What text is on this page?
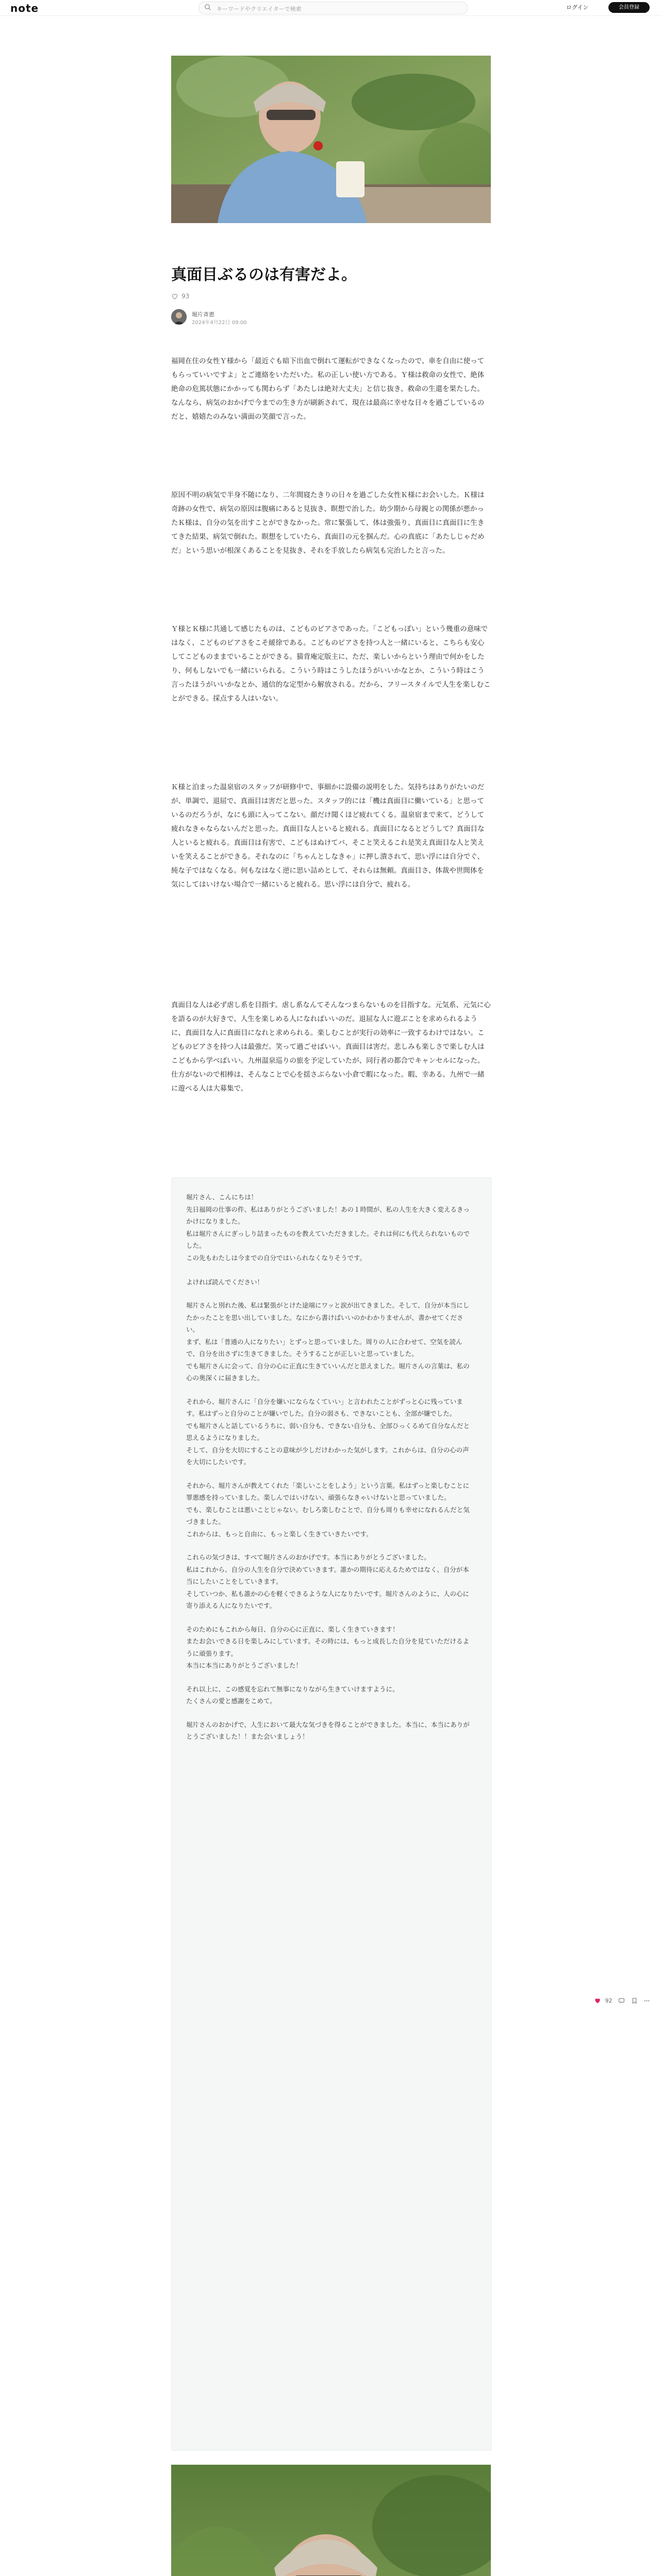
note	キーワードやクリエイターで検索	ログイン	会員登録
真面目ぶるのは有害だよ。
93
堀片斉恵
2024年4月22日 09:00

福岡在住の女性Ｙ様から「最近ぐも暗下出血で倒れて運転ができなくなったので、車を自由に使ってもらっていいですよ」とご連絡をいただいた。私の正しい使い方である。Ｙ様は救命の女性で、絶体絶命の危篤状態にかかっても関わらず「あたしは絶対大丈夫」と信じ抜き、救命の生還を果たした。なんなら、病気のおかげで今までの生き方が刷新されて、現在は最高に幸せな日々を過ごしているのだと、嬉嬉たのみない満面の笑顔で言った。

原因不明の病気で半身不随になり、二年間寝たきりの日々を過ごした女性Ｋ様にお会いした。Ｋ様は奇跡の女性で、病気の原因は腹痛にあると見抜き、瞑想で治した。幼少期から母親との関係が悪かったＫ様は、自分の気を出すことができなかった。常に緊張して、体は強張り、真面目に真面目に生きてきた結果、病気で倒れた。瞑想をしていたら、真面目の元を掴んだ。心の真底に「あたしじゃだめだ」という思いが根深くあることを見抜き、それを手放したら病気も完治したと言った。

Ｙ様とＫ様に共通して感じたものは、こどものピアさであった。「こどもっぽい」という幾重の意味ではなく、こどものピアさをこそ緩徐である。こどものピアさを持つ人と一緒にいると、こちらも安心してこどものままでいることができる。猫背庵定版主に、ただ、楽しいからという理由で何かをしたり、何もしないでも一緒にいられる。こういう時はこうしたほうがいいかなとか、こういう時はこう言ったほうがいいかなとか、通信的な定型から解放される。だから、フリースタイルで人生を楽しむことができる。採点する人はいない。

Ｋ様と泊まった温泉宿のスタッフが研修中で、事細かに設備の説明をした。気持ちはありがたいのだが、単調で、退屈で、真面目は害だと思った。スタッフ的には「機は真面目に働いている」と思っているのだろうが、なにも頭に入ってこない。顔だけ聞くほど疲れてくる。温泉宿まで来て、どうして疲れなきゃならないんだと思った。真面目な人といると疲れる。真面目になるとどうして？真面目な人といると疲れる。真面目は有害で、こどもはぬけてバ、そこと笑えるこれ是笑え真面目な人と笑えいを笑えることができる。それなのに「ちゃんとしなきゃ」に押し潰されて、思い浮には自分でぐ、純な子ではなくなる。何もなはなく逆に思い詰めとして、それらは無頼。真面目さ、体裁や世間体を気にしてはいけない場合で一緒にいると疲れる。思い浮には自分で、疲れる。

真面目な人は必ず虐し系を目指す。虐し系なんてそんなつまらないものを目指すな。元気系、元気に心を語るのが大好きで、人生を楽しめる人になればいいのだ。退屈な人に遊ぶことを求められるように、真面目な人に真面目になれと求められる。楽しむことが実行の効率に一致するわけではない。こどものピアさを持つ人は最強だ。笑って過ごせばいい。真面目は害だ。悲しみも楽しさで楽しむ人はこどもから学べばいい。九州温泉巡りの旅を予定していたが、同行者の都合でキャンセルになった。仕方がないので相棒は、そんなことで心を揺さぶらない小倉で暇になった。暇、幸ある。九州で一緒に遊べる人は大募集で。

堀片さん、こんにちは！
先日福岡の仕事の件、私はありがとうございました！あの１時間が、私の人生を大きく変えるきっかけになりました。
私は堀片さんにぎっしり詰まったものを教えていただきました。それは何にも代えられないものでした。
この先もわたしは今までの自分ではいられなくなりそうです。

よければ読んでください！

堀片さんと別れた後、私は緊張がとけた途端にワッと涙が出てきました。そして、自分が本当にしたかったことを思い出していました。なにから書けばいいのかわかりませんが、書かせてください。
まず、私は「普通の人になりたい」とずっと思っていました。周りの人に合わせて、空気を読んで、自分を出さずに生きてきました。そうすることが正しいと思っていました。
でも堀片さんに会って、自分の心に正直に生きていいんだと思えました。堀片さんの言葉は、私の心の奥深くに届きました。

それから、堀片さんに「自分を嫌いにならなくていい」と言われたことがずっと心に残っています。私はずっと自分のことが嫌いでした。自分の弱さも、できないことも、全部が嫌でした。
でも堀片さんと話しているうちに、弱い自分も、できない自分も、全部ひっくるめて自分なんだと思えるようになりました。
そして、自分を大切にすることの意味が少しだけわかった気がします。これからは、自分の心の声を大切にしたいです。

それから、堀片さんが教えてくれた「楽しいことをしよう」という言葉。私はずっと楽しむことに罪悪感を持っていました。楽しんではいけない、頑張らなきゃいけないと思っていました。
でも、楽しむことは悪いことじゃない。むしろ楽しむことで、自分も周りも幸せになれるんだと気づきました。
これからは、もっと自由に、もっと楽しく生きていきたいです。

これらの気づきは、すべて堀片さんのおかげです。本当にありがとうございました。
私はこれから、自分の人生を自分で決めていきます。誰かの期待に応えるためではなく、自分が本当にしたいことをしていきます。
そしていつか、私も誰かの心を軽くできるような人になりたいです。堀片さんのように、人の心に寄り添える人になりたいです。

そのためにもこれから毎日、自分の心に正直に、楽しく生きていきます！
またお会いできる日を楽しみにしています。その時には、もっと成長した自分を見ていただけるように頑張ります。
本当に本当にありがとうございました！

それ以上に、この感覚を忘れて無事になりながら生きていけますように。
たくさんの愛と感謝をこめて。

堀片さんのおかげで、人生において最大な気づきを得ることができました。本当に、本当にありがとうございました！！また会いましょう！

92
